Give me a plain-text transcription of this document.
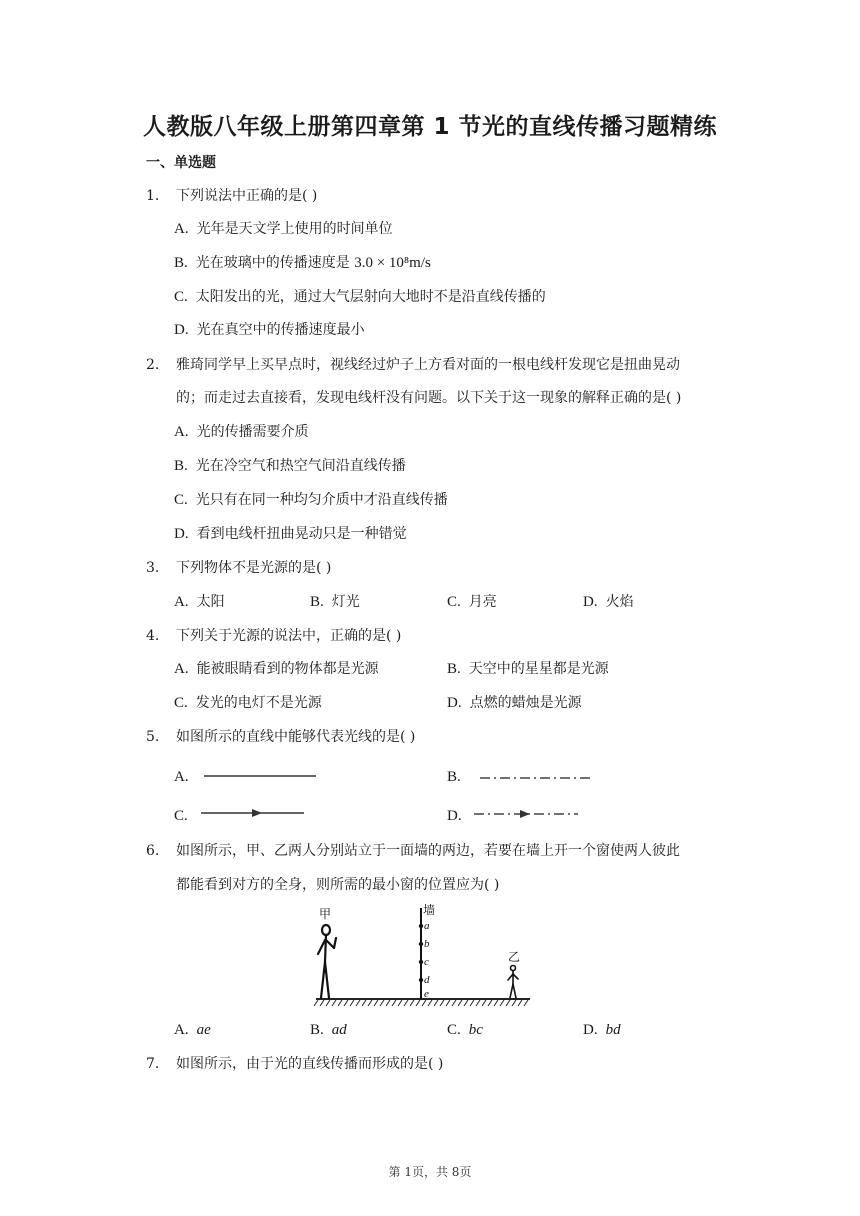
人教版八年级上册第四章第 1 节光的直线传播习题精练
一、单选题
1. 下列说法中正确的是( )
A. 光年是天文学上使用的时间单位
B. 光在玻璃中的传播速度是 3.0 × 10⁸m/s
C. 太阳发出的光，通过大气层射向大地时不是沿直线传播的
D. 光在真空中的传播速度最小
2. 雅琦同学早上买早点时，视线经过炉子上方看对面的一根电线杆发现它是扭曲晃动
的；而走过去直接看，发现电线杆没有问题。以下关于这一现象的解释正确的是( )
A. 光的传播需要介质
B. 光在冷空气和热空气间沿直线传播
C. 光只有在同一种均匀介质中才沿直线传播
D. 看到电线杆扭曲晃动只是一种错觉
3. 下列物体不是光源的是( )
A. 太阳	B. 灯光	C. 月亮	D. 火焰
4. 下列关于光源的说法中，正确的是( )
A. 能被眼睛看到的物体都是光源	B. 天空中的星星都是光源
C. 发光的电灯不是光源	D. 点燃的蜡烛是光源
5. 如图所示的直线中能够代表光线的是( )
A.	B.
C.	D.
6. 如图所示，甲、乙两人分别站立于一面墙的两边，若要在墙上开一个窗使两人彼此
都能看到对方的全身，则所需的最小窗的位置应为( )
a
b
c
d
e
墙
甲
乙
A. ae	B. ad	C. bc	D. bd
7. 如图所示，由于光的直线传播而形成的是( )
第 1页，共 8页
